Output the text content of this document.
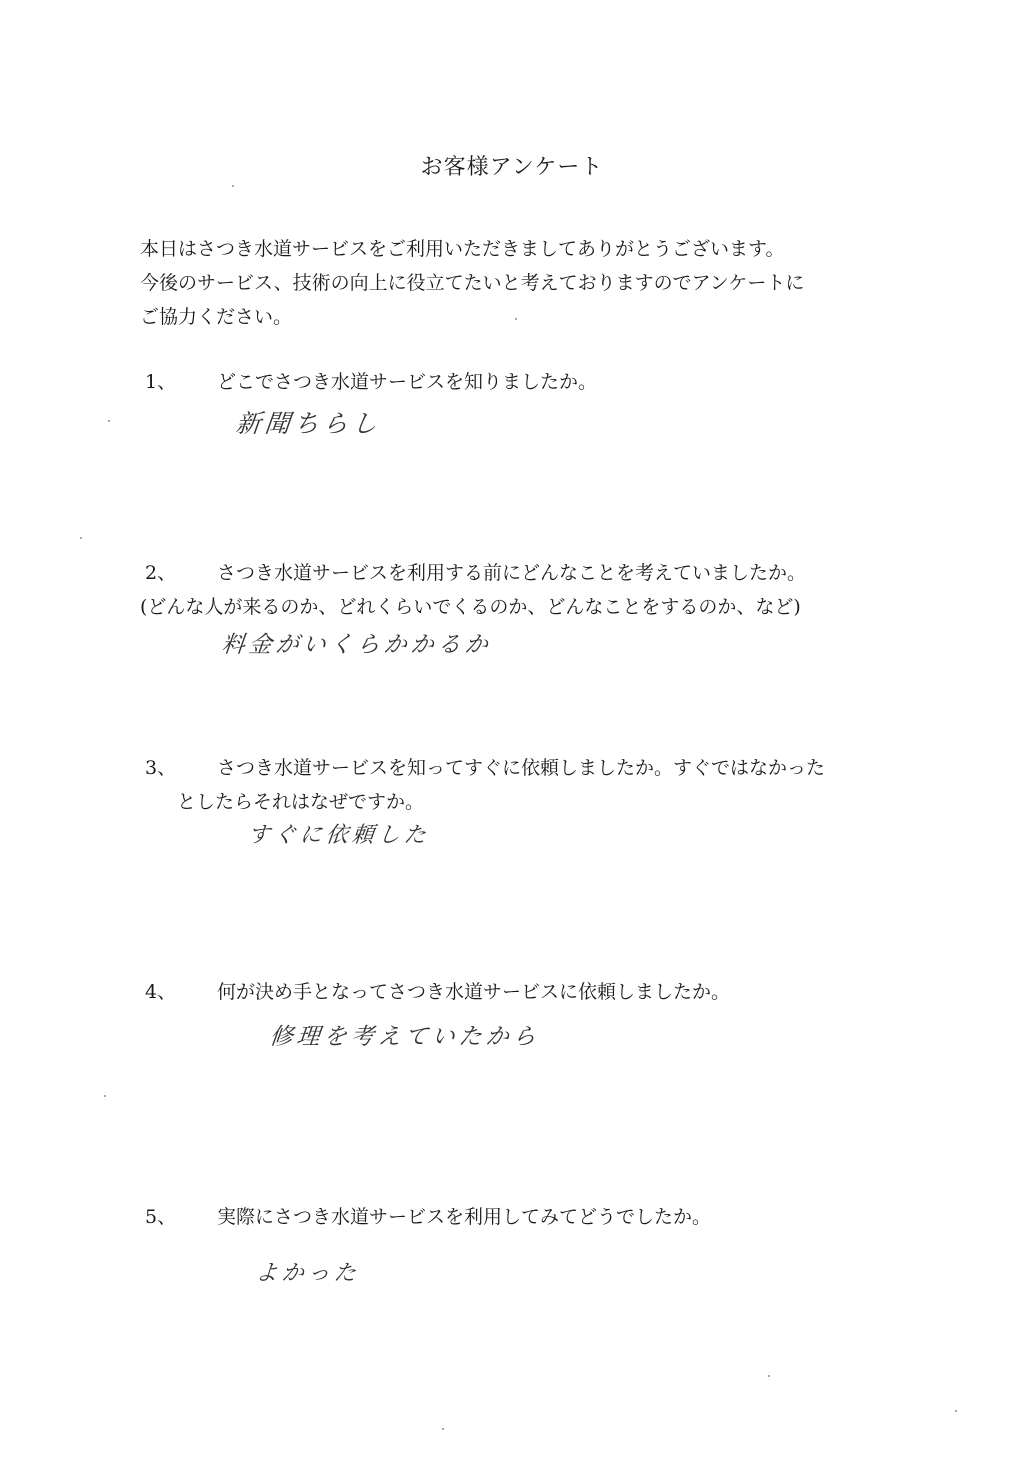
お客様アンケート
本日はさつき水道サービスをご利用いただきましてありがとうございます。
今後のサービス、技術の向上に役立てたいと考えておりますのでアンケートに
ご協力ください。
1、 どこでさつき水道サービスを知りましたか。
新聞ちらし
2、 さつき水道サービスを利用する前にどんなことを考えていましたか。
(どんな人が来るのか、どれくらいでくるのか、どんなことをするのか、など)
料金がいくらかかるか
3、 さつき水道サービスを知ってすぐに依頼しましたか。すぐではなかった
としたらそれはなぜですか。
すぐに依頼した
4、 何が決め手となってさつき水道サービスに依頼しましたか。
修理を考えていたから
5、 実際にさつき水道サービスを利用してみてどうでしたか。
よかった
